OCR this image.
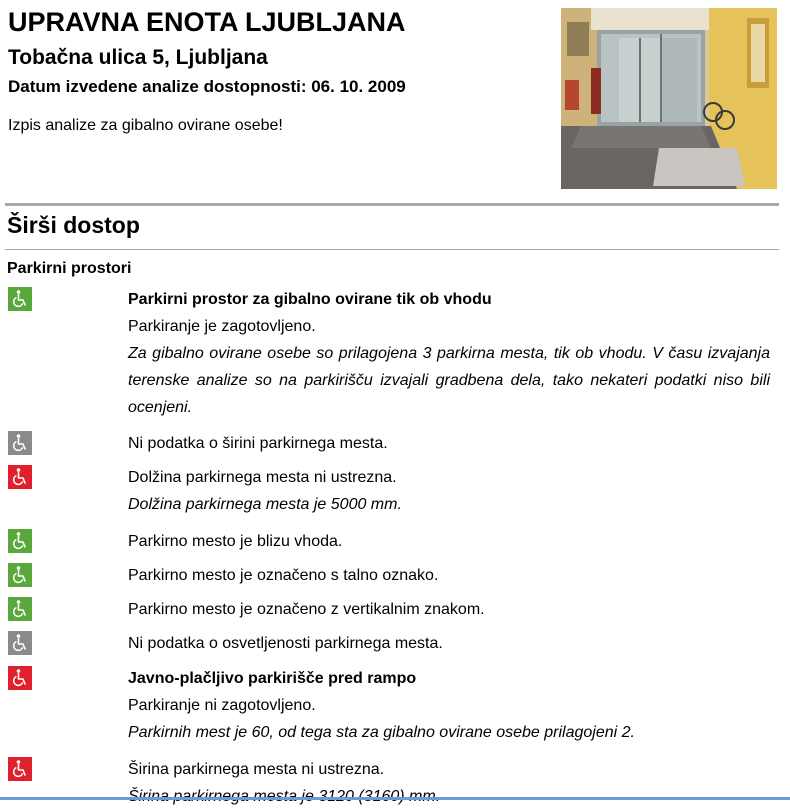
UPRAVNA ENOTA LJUBLJANA
Tobačna ulica 5, Ljubljana
Datum izvedene analize dostopnosti: 06. 10. 2009
Izpis analize za gibalno ovirane osebe!
Širši dostop
Parkirni prostori
Parkirni prostor za gibalno ovirane tik ob vhodu
Parkiranje je zagotovljeno.
Za gibalno ovirane osebe so prilagojena 3 parkirna mesta, tik ob vhodu. V času izvajanja terenske analize so na parkirišču izvajali gradbena dela, tako nekateri podatki niso bili ocenjeni.
Ni podatka o širini parkirnega mesta.
Dolžina parkirnega mesta ni ustrezna.
Dolžina parkirnega mesta je 5000 mm.
Parkirno mesto je blizu vhoda.
Parkirno mesto je označeno s talno oznako.
Parkirno mesto je označeno z vertikalnim znakom.
Ni podatka o osvetljenosti parkirnega mesta.
Javno-plačljivo parkirišče pred rampo
Parkiranje ni zagotovljeno.
Parkirnih mest je 60, od tega sta za gibalno ovirane osebe prilagojeni 2.
Širina parkirnega mesta ni ustrezna.
